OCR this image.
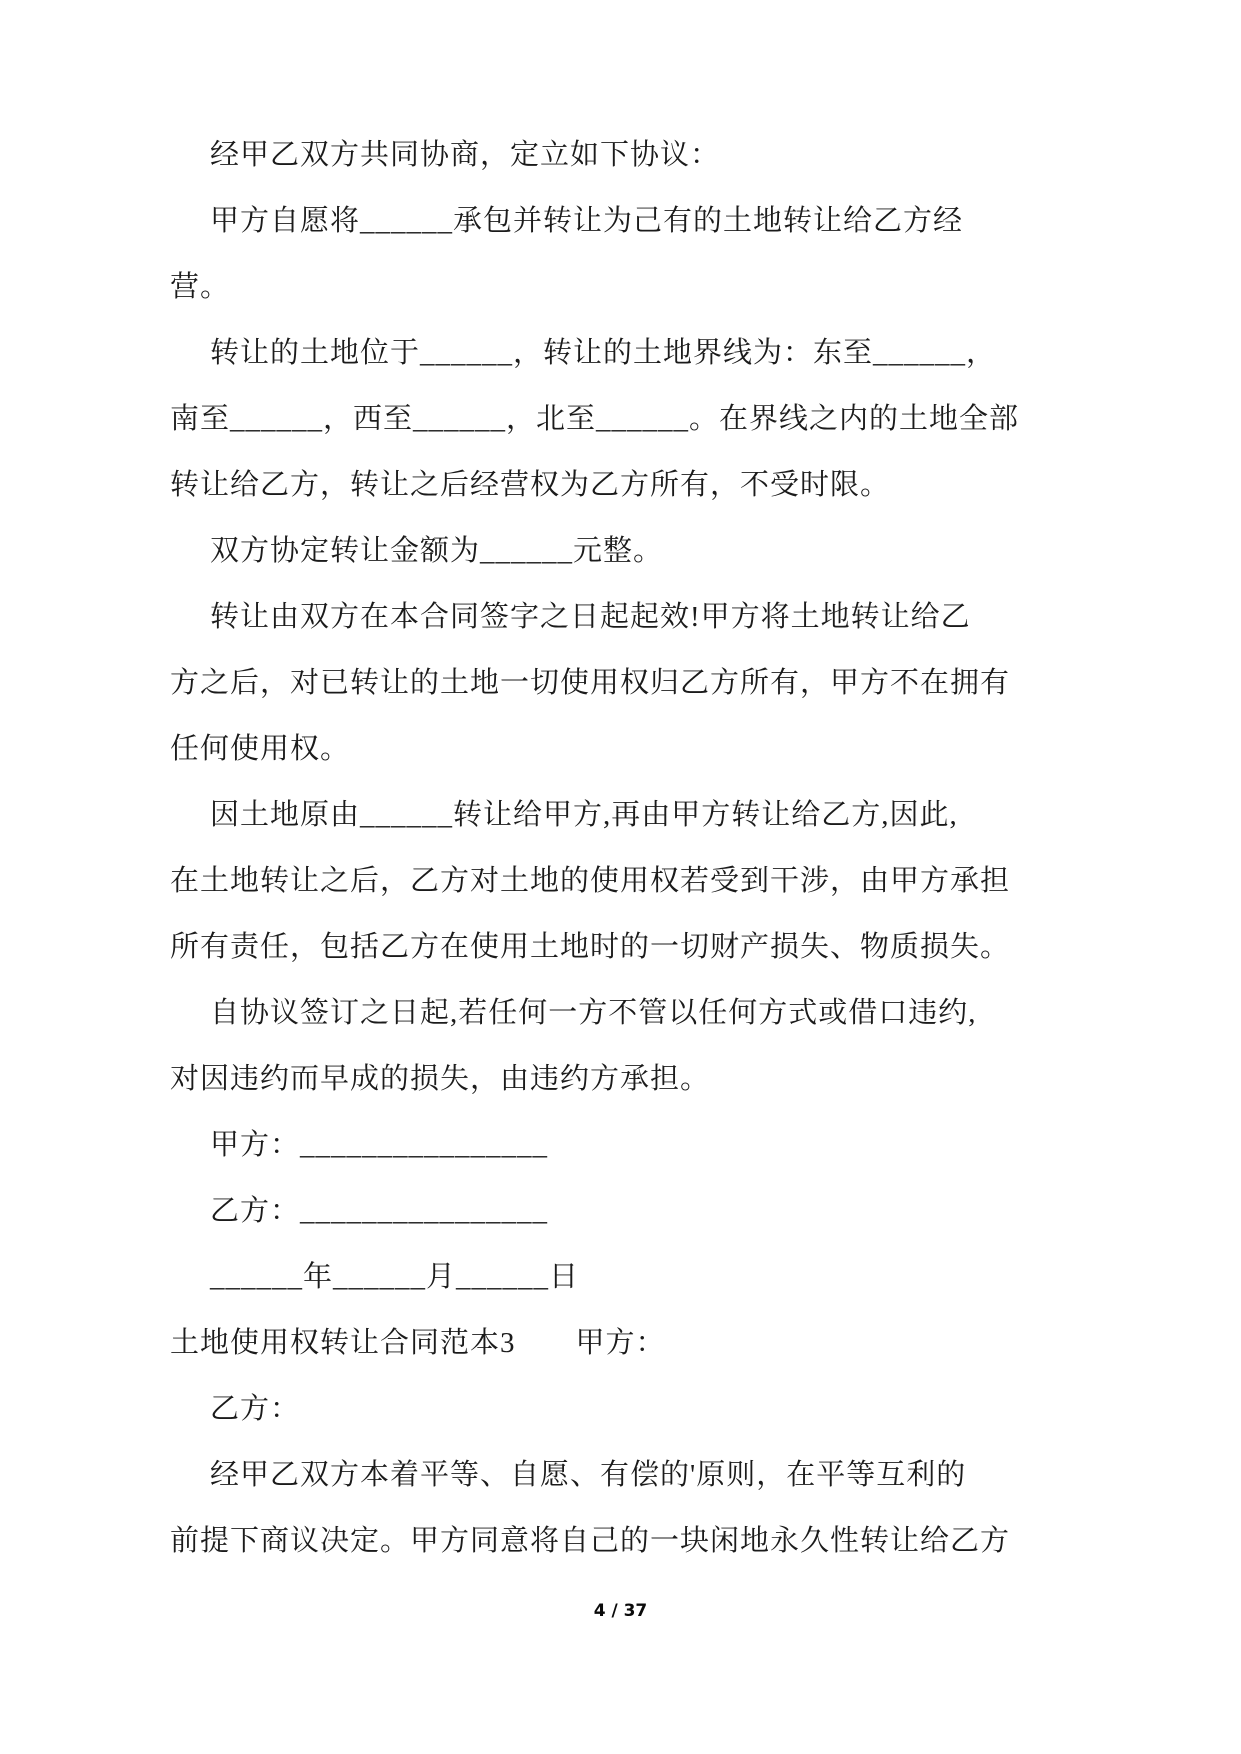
经甲乙双方共同协商，定立如下协议：
甲方自愿将______承包并转让为己有的土地转让给乙方经
营。
转让的土地位于______，转让的土地界线为：东至______，
南至______，西至______，北至______。在界线之内的土地全部
转让给乙方，转让之后经营权为乙方所有，不受时限。
双方协定转让金额为______元整。
转让由双方在本合同签字之日起起效!甲方将土地转让给乙
方之后，对已转让的土地一切使用权归乙方所有，甲方不在拥有
任何使用权。
因土地原由______转让给甲方,再由甲方转让给乙方,因此,
在土地转让之后，乙方对土地的使用权若受到干涉，由甲方承担
所有责任，包括乙方在使用土地时的一切财产损失、物质损失。
自协议签订之日起,若任何一方不管以任何方式或借口违约,
对因违约而早成的损失，由违约方承担。
甲方：________________
乙方：________________
______年______月______日
土地使用权转让合同范本3　　甲方：
乙方：
经甲乙双方本着平等、自愿、有偿的'原则，在平等互利的
前提下商议决定。甲方同意将自己的一块闲地永久性转让给乙方
4 / 37
